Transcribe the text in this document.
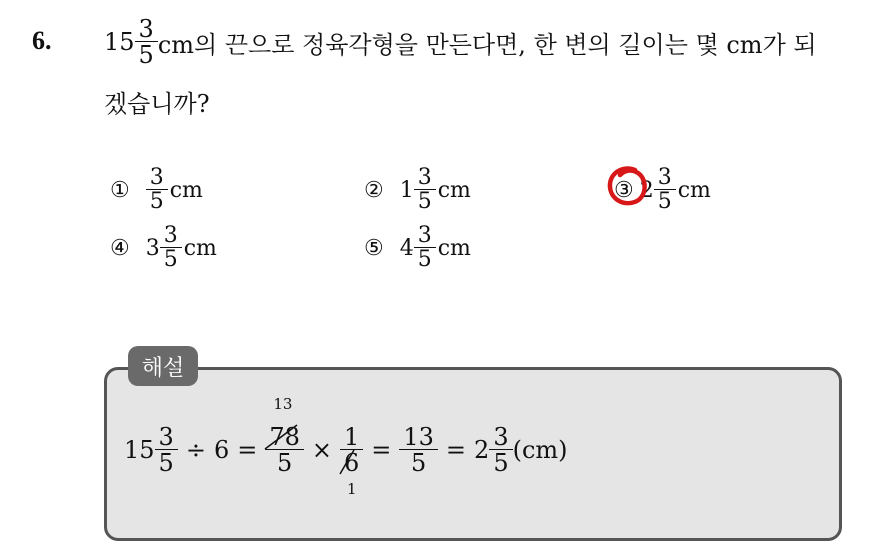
6. $15 \frac{3}{5}$ cm의 끈으로 정육각형을 만든다면, 한 변의 길이는 몇 cm가 되
겠습니까?
① $\frac{3}{5}$ cm	② $1 \frac{3}{5}$ cm	③ $2 \frac{3}{5}$ cm
④ $3 \frac{3}{5}$ cm	⑤ $4 \frac{3}{5}$ cm
해설
$15 \frac{3}{5} \div 6$ =
13
78
5 × 1
6
1
= $\frac{13}{5} = 2 \frac{3}{5} (cm)$
